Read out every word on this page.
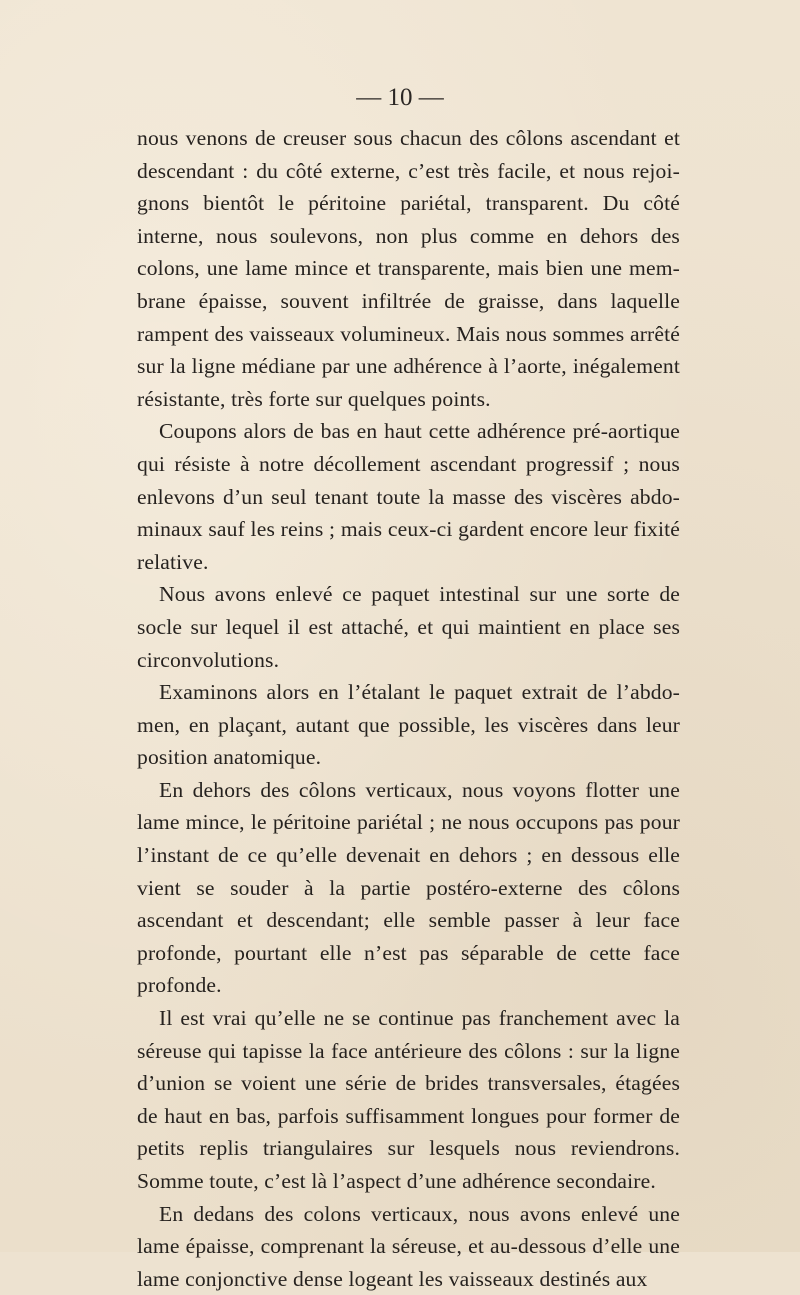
— 10 —

nous venons de creuser sous chacun des côlons ascendant et descendant : du côté externe, c’est très facile, et nous rejoi-gnons bientôt le péritoine pariétal, transparent. Du côté interne, nous soulevons, non plus comme en dehors des colons, une lame mince et transparente, mais bien une mem-brane épaisse, souvent infiltrée de graisse, dans laquelle rampent des vaisseaux volumineux. Mais nous sommes arrêté sur la ligne médiane par une adhérence à l’aorte, inégalement résistante, très forte sur quelques points.

Coupons alors de bas en haut cette adhérence pré-aortique qui résiste à notre décollement ascendant progressif ; nous enlevons d’un seul tenant toute la masse des viscères abdo-minaux sauf les reins ; mais ceux-ci gardent encore leur fixité relative.

Nous avons enlevé ce paquet intestinal sur une sorte de socle sur lequel il est attaché, et qui maintient en place ses circonvolutions.

Examinons alors en l’étalant le paquet extrait de l’abdo-men, en plaçant, autant que possible, les viscères dans leur position anatomique.

En dehors des côlons verticaux, nous voyons flotter une lame mince, le péritoine pariétal ; ne nous occupons pas pour l’instant de ce qu’elle devenait en dehors ; en dessous elle vient se souder à la partie postéro-externe des côlons ascendant et descendant; elle semble passer à leur face profonde, pourtant elle n’est pas séparable de cette face profonde.

Il est vrai qu’elle ne se continue pas franchement avec la séreuse qui tapisse la face antérieure des côlons : sur la ligne d’union se voient une série de brides transversales, étagées de haut en bas, parfois suffisamment longues pour former de petits replis triangulaires sur lesquels nous reviendrons. Somme toute, c’est là l’aspect d’une adhérence secondaire.

En dedans des colons verticaux, nous avons enlevé une lame épaisse, comprenant la séreuse, et au-dessous d’elle une lame conjonctive dense logeant les vaisseaux destinés aux
